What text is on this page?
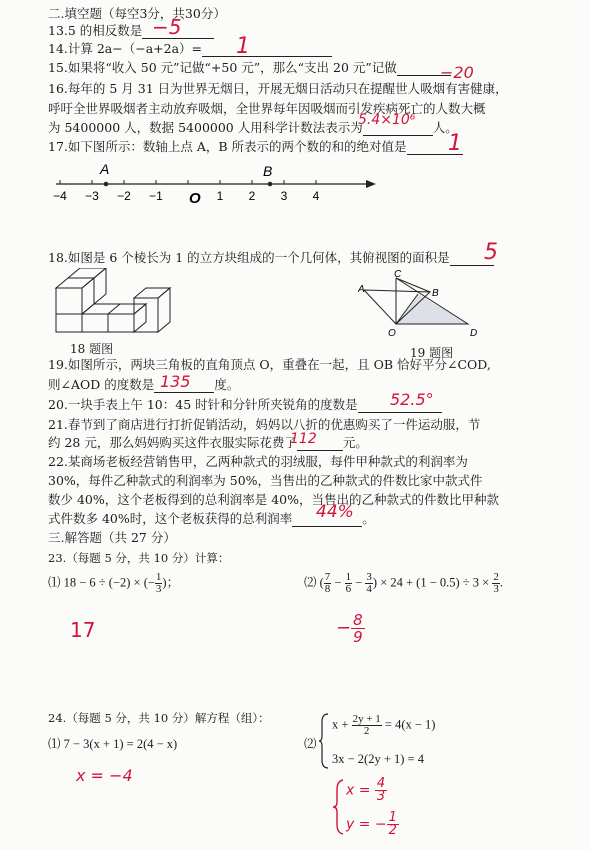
二.填空题（每空3分，共30分）
13.5 的相反数是 −5
14.计算 2a−（−a+2a）=	1
15.如果将“收入 50 元”记做“+50 元”，那么“支出 20 元”记做	−20
16.每年的 5 月 31 日为世界无烟日，开展无烟日活动只在提醒世人吸烟有害健康，
呼吁全世界吸烟者主动放弃吸烟，全世界每年因吸烟而引发疾病死亡的人数大概
为 5400000 人，数据 5400000 人用科学计数法表示为	人。
5.4×10⁶
17.如下图所示：数轴上点 A，B 所表示的两个数的和的绝对值是	1
−4 −3 −2 −1	1 2 3 4
A	B
O
18.如图是 6 个棱长为 1 的立方块组成的一个几何体，其俯视图的面积是	5
18 题图
A	B
C
D
O
19 题图
19.如图所示，两块三角板的直角顶点 O，重叠在一起，且 OB 恰好平分∠COD,
则∠AOD 的度数是	度。
135
20.一块手表上午 10：45 时针和分针所夹锐角的度数是	52.5°
21.春节到了商店进行打折促销活动，妈妈以八折的优惠购买了一件运动服，节
约 28 元，那么妈妈购买这件衣服实际花费了	元。
112
22.某商场老板经营销售甲，乙两种款式的羽绒服，每件甲种款式的利润率为
30%，每件乙种款式的利润率为 50%，当售出的乙种款式的件数比家中款式件
数少 40%，这个老板得到的总利润率是 40%，当售出的乙种款式的件数比甲种款
式件数多 40%时，这个老板获得的总利润率	。
44%
三.解答题（共 27 分）
23.（每题 5 分，共 10 分）计算：
⑴ 18 − 6 ÷ (−2) × (− $\frac{1}{3}$ )；	⑵ ( $\frac{7}{8} - \frac{1}{6} - \frac{3}{4}$ ) × $24 + (1 - 0.5) \div 3 \times \frac{2}{3}$ .
17	− $\frac{8}{9}$
24.（每题 5 分，共 10 分）解方程（组）：
⑴ 7 − 3(x + 1) = 2(4 − x)	⑵
$x + \frac{2y + 1}{2} = 4(x - 1)$
3x − 2(2y + 1) = 4
x = −4
$x = \frac{4}{3}$
y = − $\frac{1}{2}$
